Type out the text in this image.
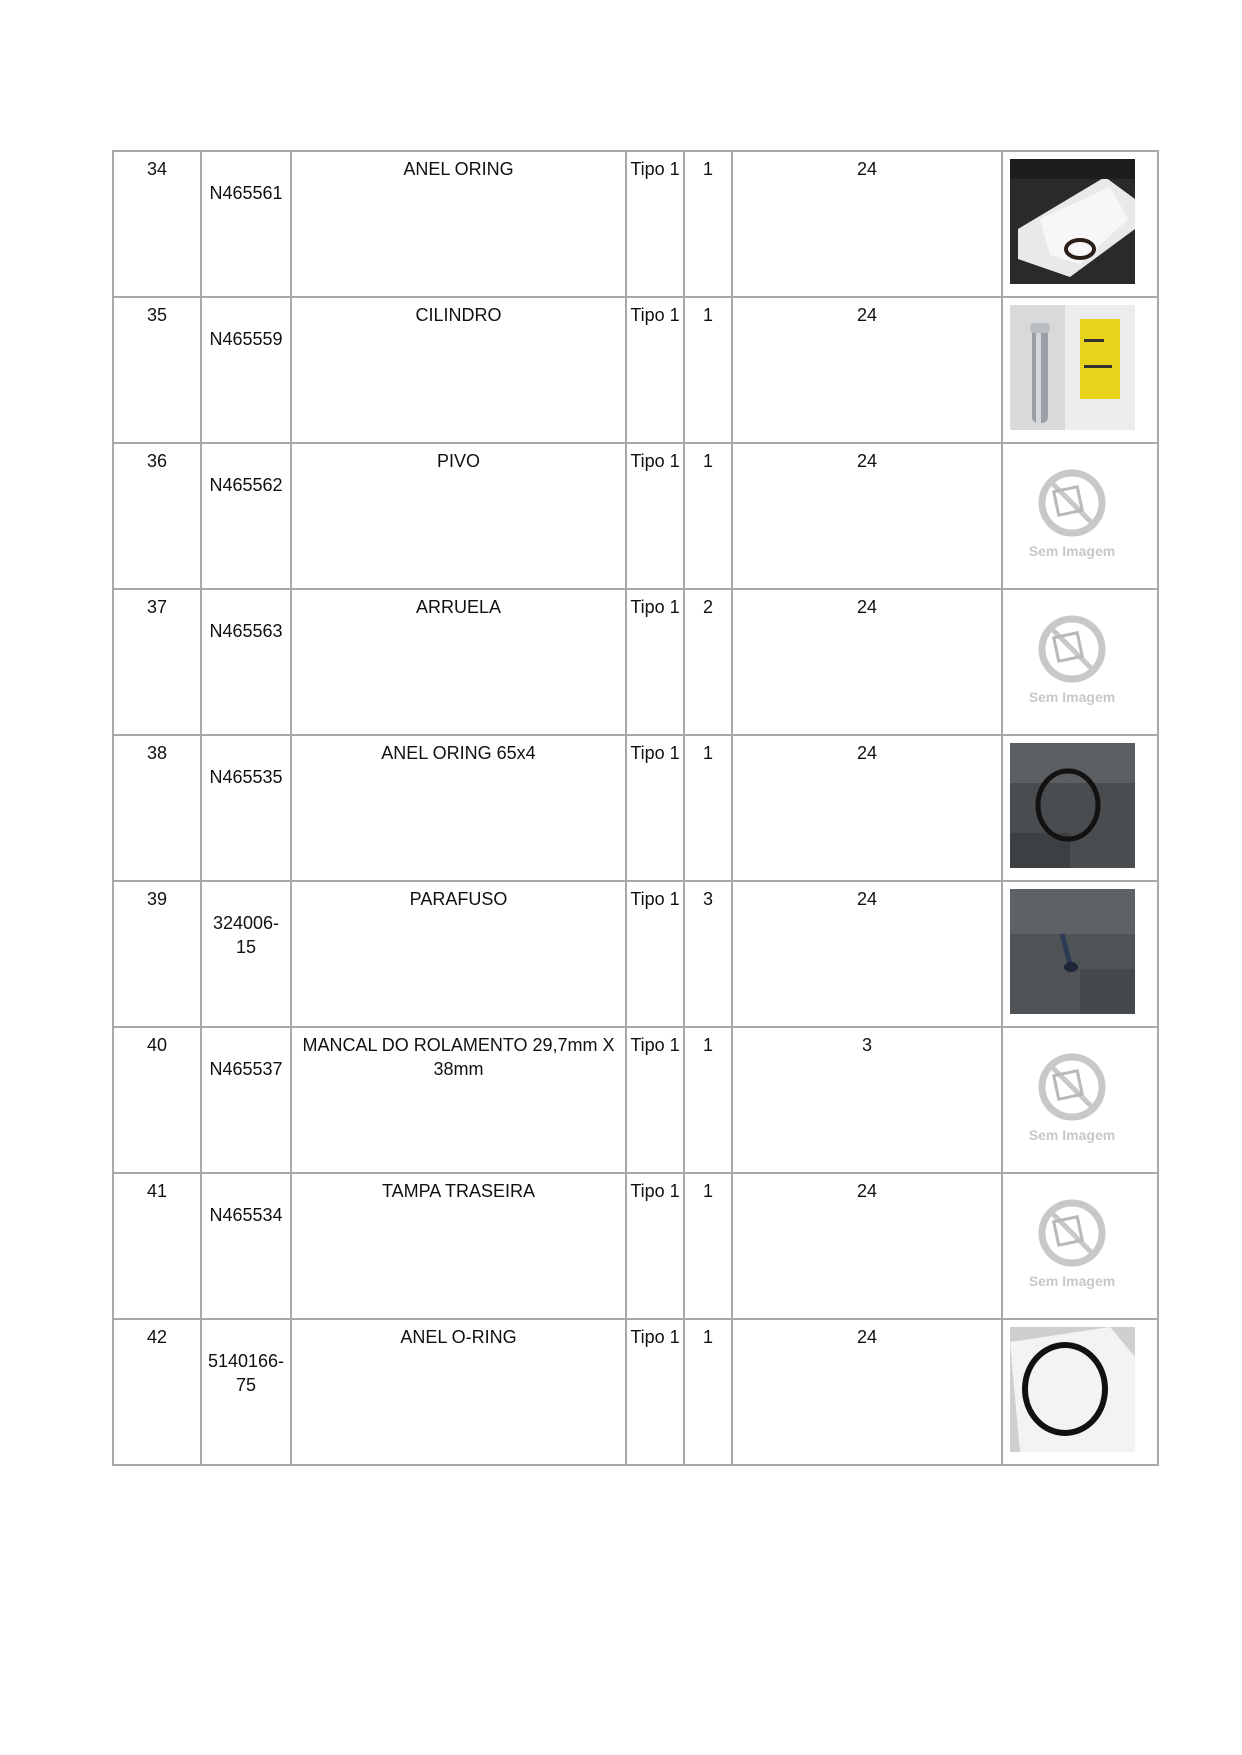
34	N465561	ANEL ORING	Tipo 1	1	24	

35	N465559	CILINDRO	Tipo 1	1	24	

36	N465562	PIVO	Tipo 1	1	24	Sem Imagem

37	N465563	ARRUELA	Tipo 1	2	24	Sem Imagem

38	N465535	ANEL ORING 65x4	Tipo 1	1	24	

39	324006-15	PARAFUSO	Tipo 1	3	24	

40	N465537	MANCAL DO ROLAMENTO 29,7mm X 38mm	Tipo 1	1	3	Sem Imagem

41	N465534	TAMPA TRASEIRA	Tipo 1	1	24	Sem Imagem

42	5140166-75	ANEL O-RING	Tipo 1	1	24	
